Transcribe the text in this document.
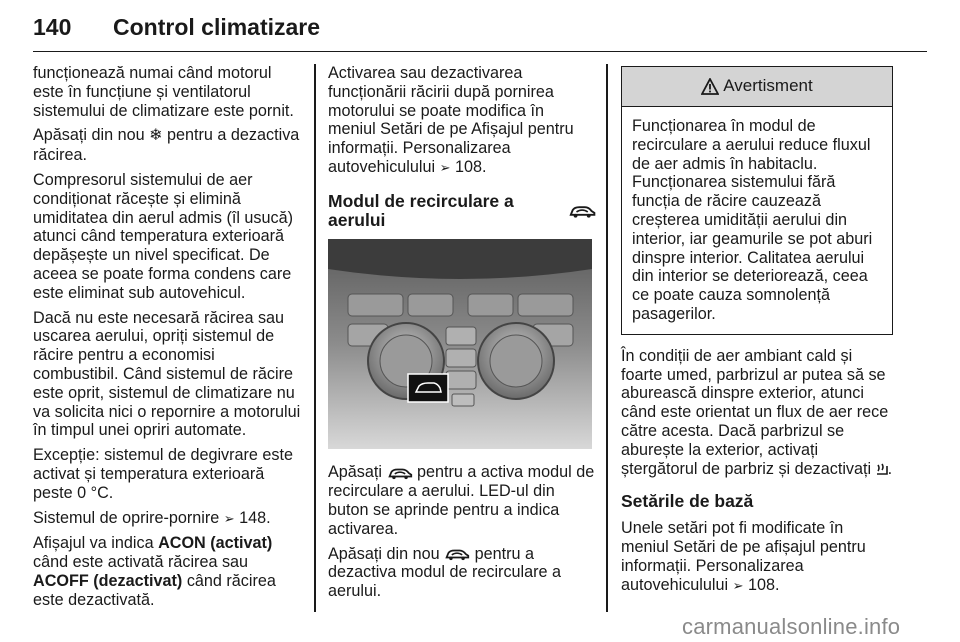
140 Control climatizare

funcționează numai când motorul este în funcțiune și ventilatorul sistemului de climatizare este pornit.

Apăsați din nou ❄ pentru a dezactiva răcirea.

Compresorul sistemului de aer condiționat răcește și elimină umiditatea din aerul admis (îl usucă) atunci când temperatura exterioară depășește un nivel specificat. De aceea se poate forma condens care este eliminat sub autovehicul.

Dacă nu este necesară răcirea sau uscarea aerului, opriți sistemul de răcire pentru a economisi combustibil. Când sistemul de răcire este oprit, sistemul de climatizare nu va solicita nici o repornire a motorului în timpul unei opriri automate.

Excepție: sistemul de degivrare este activat și temperatura exterioară peste 0 °C.

Sistemul de oprire-pornire ➢ 148.

Afișajul va indica ACON (activat) când este activată răcirea sau ACOFF (dezactivat) când răcirea este dezactivată.

Activarea sau dezactivarea funcționării răcirii după pornirea motorului se poate modifica în meniul Setări de pe Afișajul pentru informații. Personalizarea autovehiculului ➢ 108.

Modul de recirculare a aerului

Apăsați pentru a activa modul de recirculare a aerului. LED-ul din buton se aprinde pentru a indica activarea.

Apăsați din nou pentru a dezactiva modul de recirculare a aerului.

Avertisment
Funcționarea în modul de recirculare a aerului reduce fluxul de aer admis în habitaclu. Funcționarea sistemului fără funcția de răcire cauzează creșterea umidității aerului din interior, iar geamurile se pot aburi dinspre interior. Calitatea aerului din interior se deteriorează, ceea ce poate cauza somnolență pasagerilor.

În condiții de aer ambiant cald și foarte umed, parbrizul ar putea să se aburească dinspre exterior, atunci când este orientat un flux de aer rece către acesta. Dacă parbrizul se aburește la exterior, activați ștergătorul de parbriz și dezactivați .

Setările de bază

Unele setări pot fi modificate în meniul Setări de pe afișajul pentru informații. Personalizarea autovehiculului ➢ 108.

carmanualsonline.info
